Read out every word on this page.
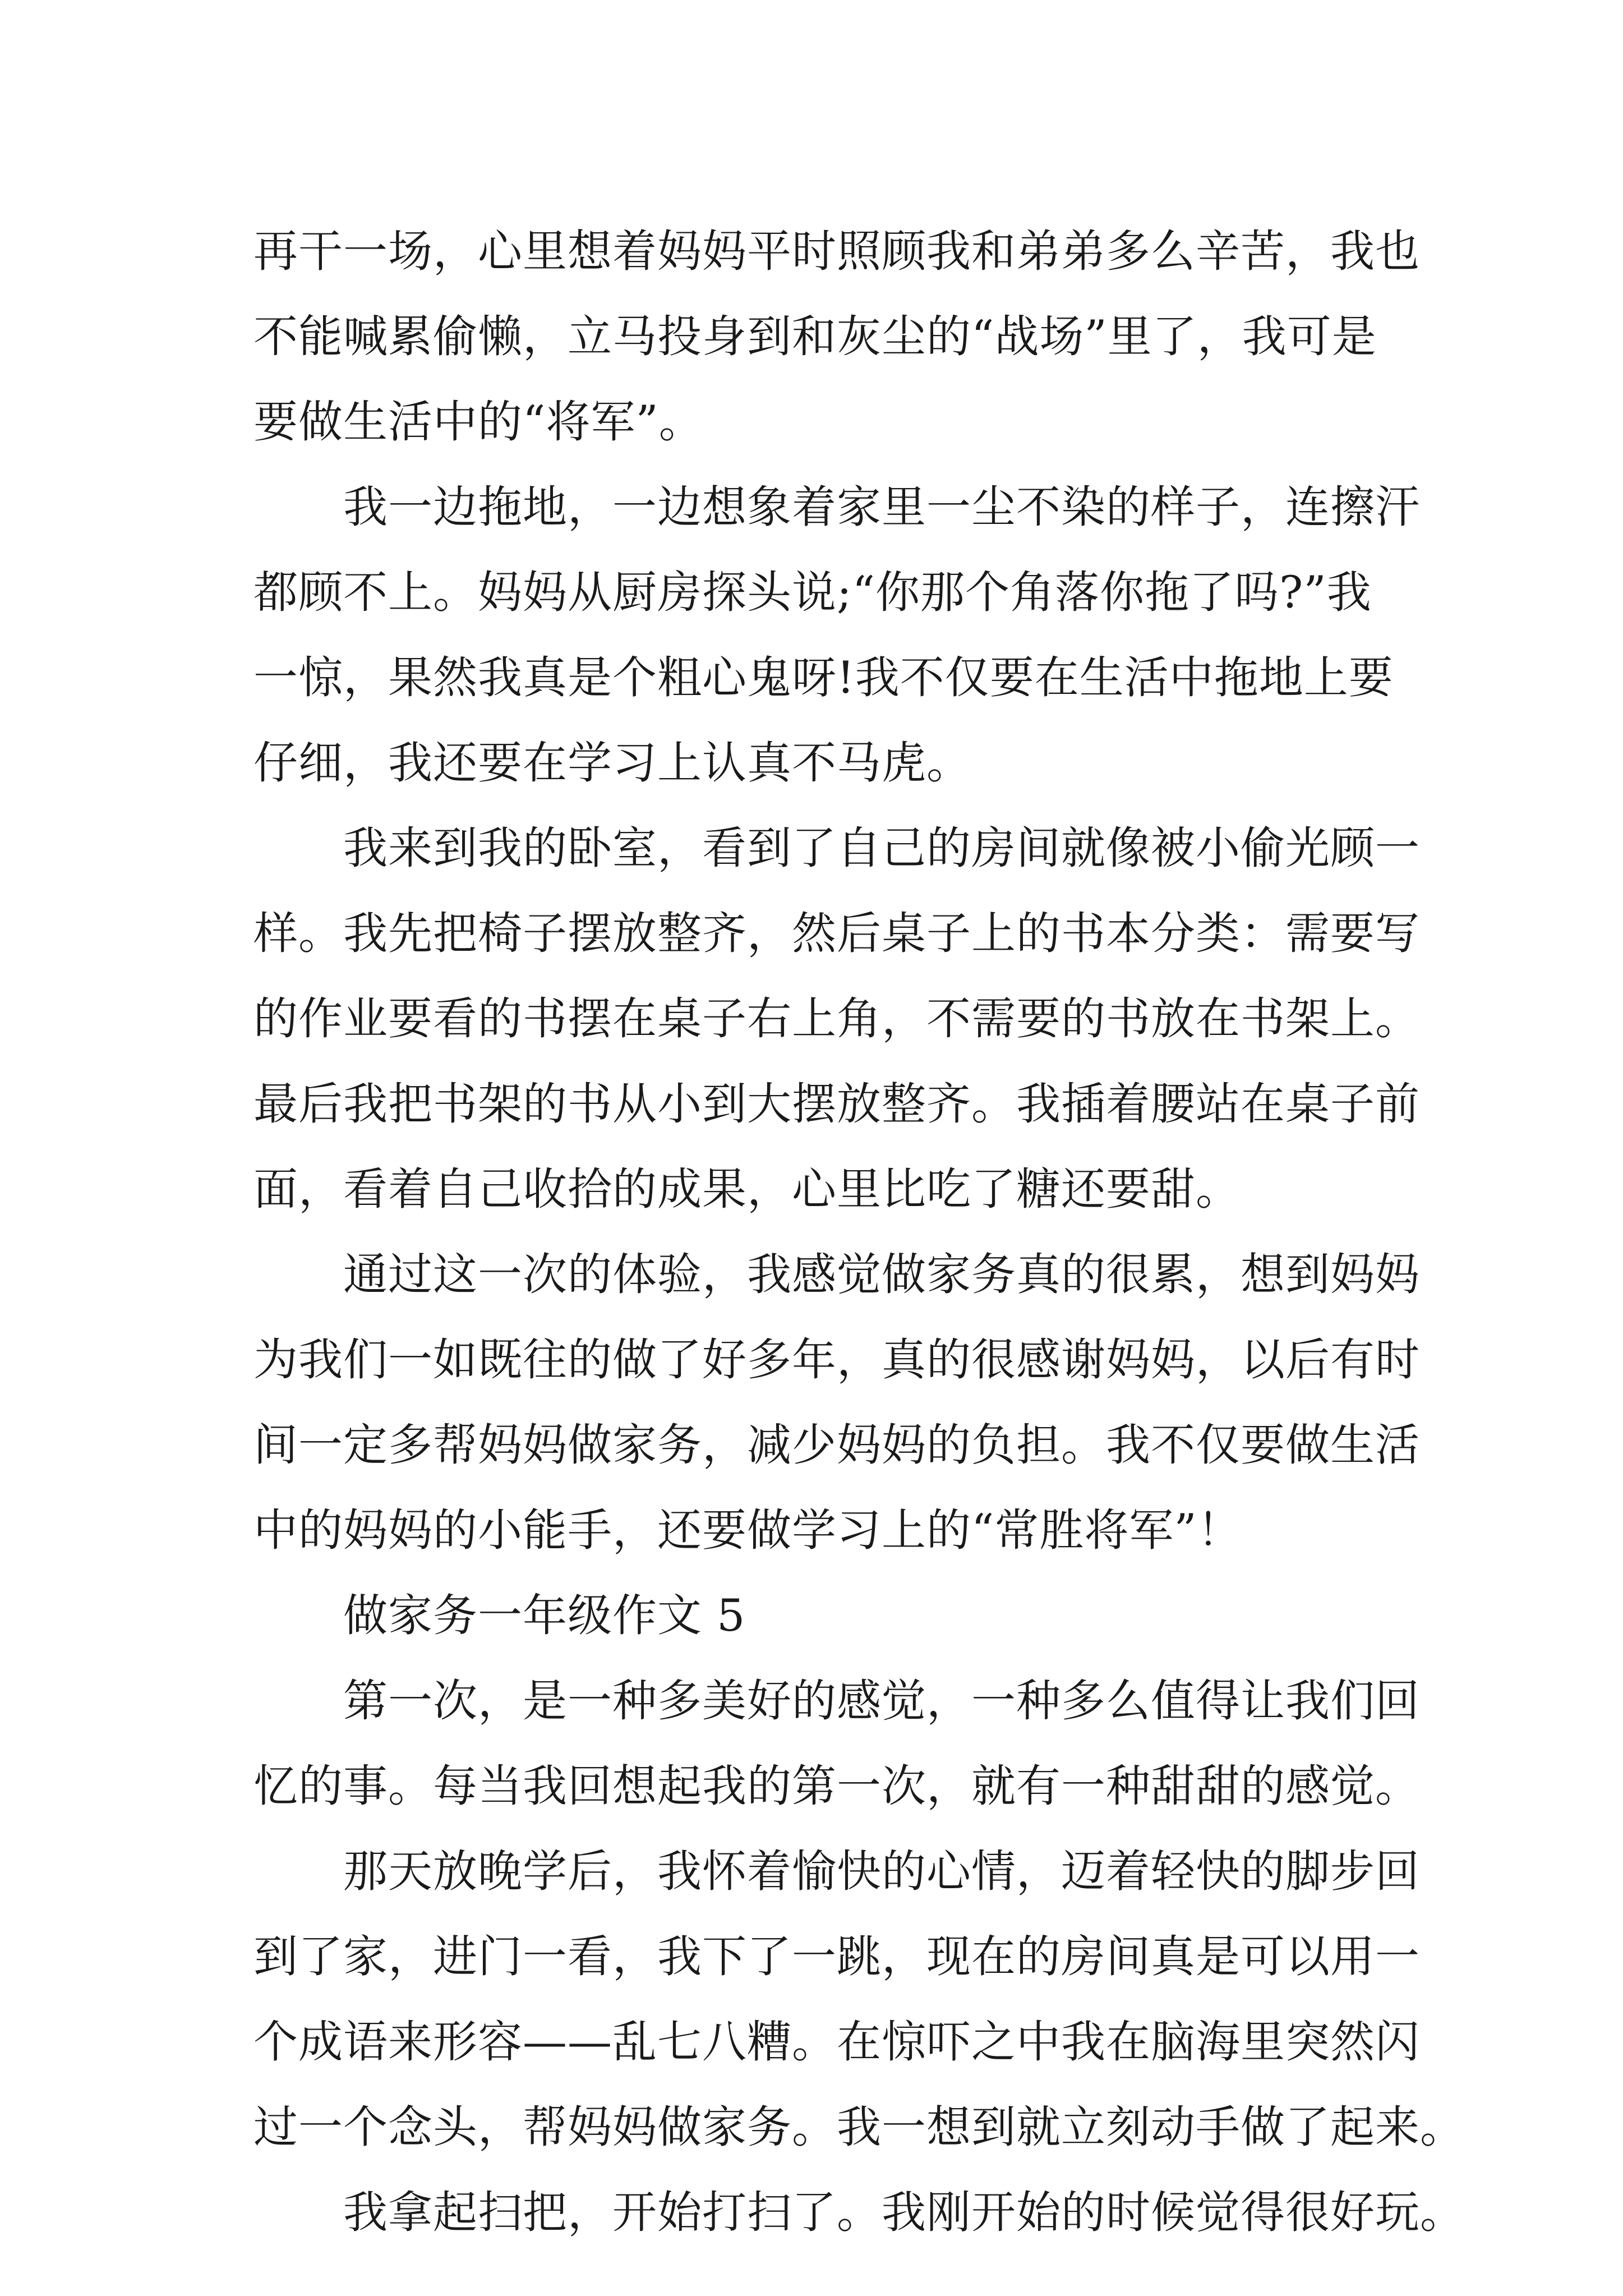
再干一场，心里想着妈妈平时照顾我和弟弟多么辛苦，我也
不能喊累偷懒，立马投身到和灰尘的“战场”里了，我可是
要做生活中的“将军”。
我一边拖地，一边想象着家里一尘不染的样子，连擦汗
都顾不上。妈妈从厨房探头说;“你那个角落你拖了吗?”我
一惊，果然我真是个粗心鬼呀!我不仅要在生活中拖地上要
仔细，我还要在学习上认真不马虎。
我来到我的卧室，看到了自己的房间就像被小偷光顾一
样。我先把椅子摆放整齐，然后桌子上的书本分类：需要写
的作业要看的书摆在桌子右上角，不需要的书放在书架上。
最后我把书架的书从小到大摆放整齐。我插着腰站在桌子前
面，看着自己收拾的成果，心里比吃了糖还要甜。
通过这一次的体验，我感觉做家务真的很累，想到妈妈
为我们一如既往的做了好多年，真的很感谢妈妈，以后有时
间一定多帮妈妈做家务，减少妈妈的负担。我不仅要做生活
中的妈妈的小能手，还要做学习上的“常胜将军”！
做家务一年级作文 5
第一次，是一种多美好的感觉，一种多么值得让我们回
忆的事。每当我回想起我的第一次，就有一种甜甜的感觉。
那天放晚学后，我怀着愉快的心情，迈着轻快的脚步回
到了家，进门一看，我下了一跳，现在的房间真是可以用一
个成语来形容——乱七八糟。在惊吓之中我在脑海里突然闪
过一个念头，帮妈妈做家务。我一想到就立刻动手做了起来。
我拿起扫把，开始打扫了。我刚开始的时候觉得很好玩。
